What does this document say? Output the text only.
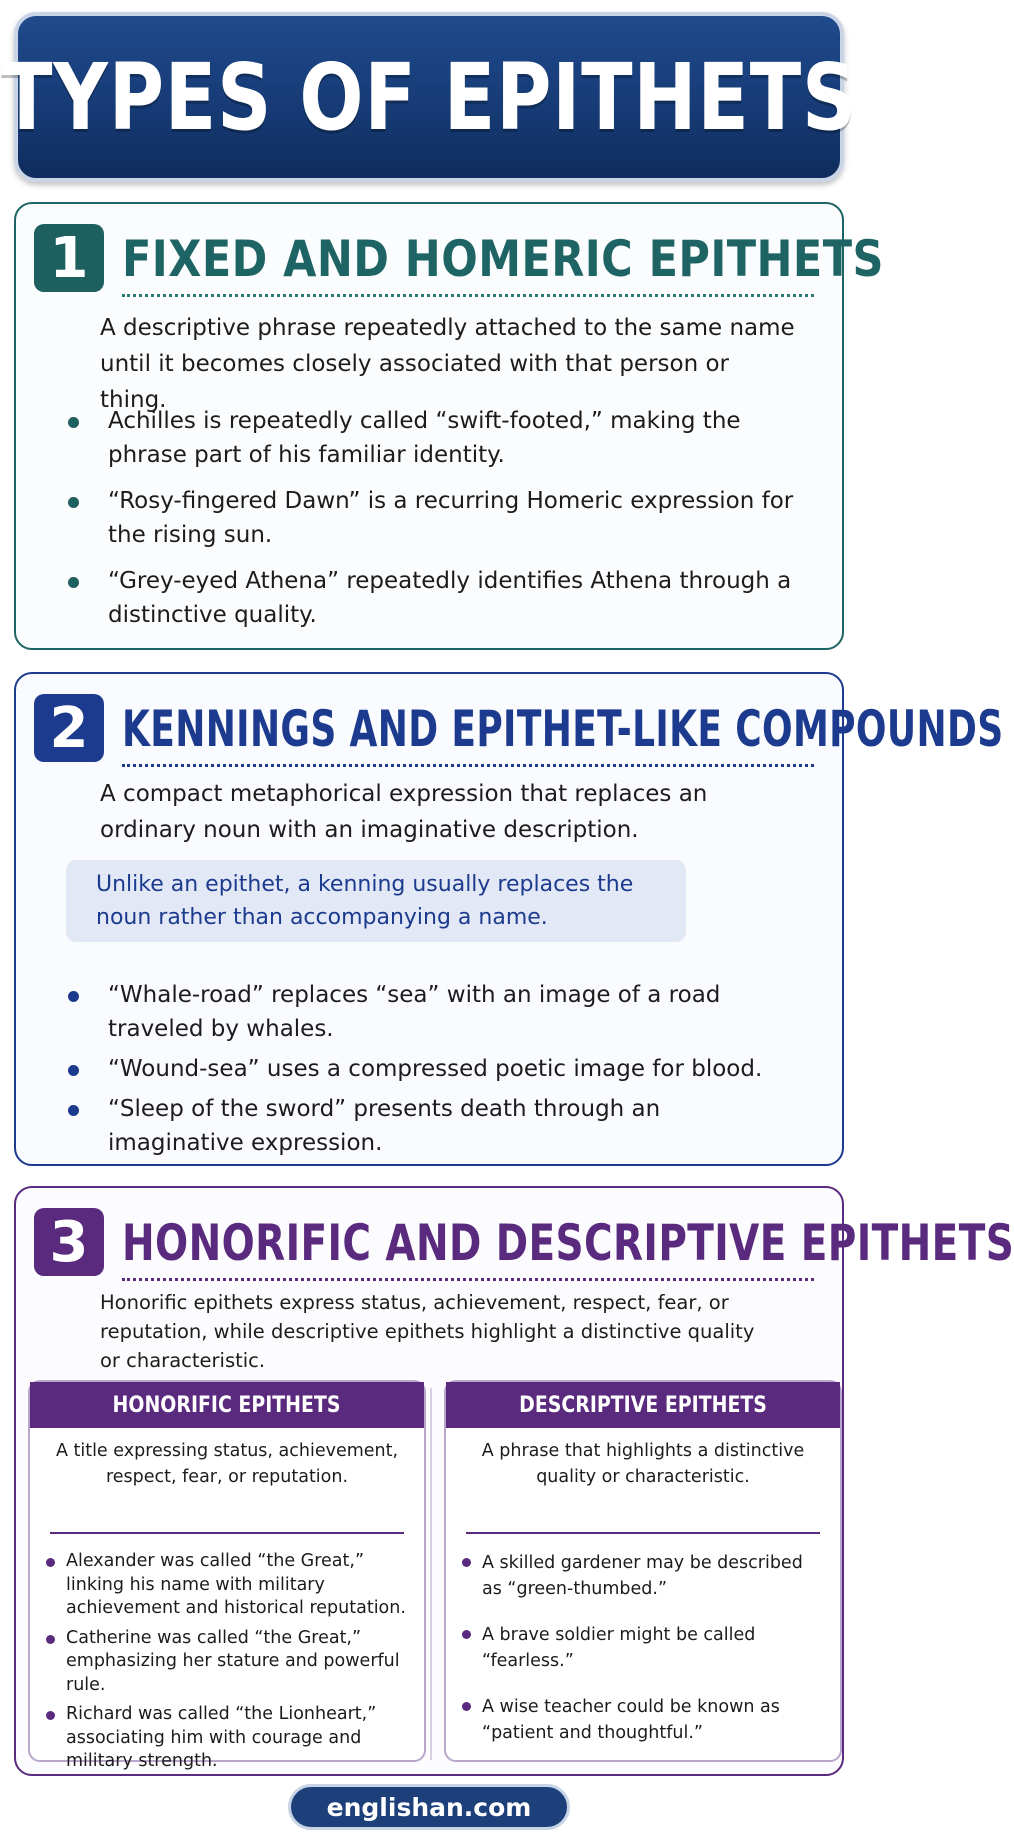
TYPES OF EPITHETS
1 FIXED AND HOMERIC EPITHETS

A descriptive phrase repeatedly attached to the same name until it becomes closely associated with that person or thing.

Achilles is repeatedly called “swift-footed,” making the phrase part of his familiar identity.
“Rosy-fingered Dawn” is a recurring Homeric expression for the rising sun.
“Grey-eyed Athena” repeatedly identifies Athena through a distinctive quality.
2 KENNINGS AND EPITHET-LIKE COMPOUNDS

A compact metaphorical expression that replaces an ordinary noun with an imaginative description.

Unlike an epithet, a kenning usually replaces the noun rather than accompanying a name.
“Whale-road” replaces “sea” with an image of a road traveled by whales.
“Wound-sea” uses a compressed poetic image for blood.
“Sleep of the sword” presents death through an imaginative expression.
3 HONORIFIC AND DESCRIPTIVE EPITHETS

Honorific epithets express status, achievement, respect, fear, or reputation, while descriptive epithets highlight a distinctive quality or characteristic.

HONORIFIC EPITHETS
A title expressing status, achievement, respect, fear, or reputation.
Alexander was called “the Great,” linking his name with military achievement and historical reputation.
Catherine was called “the Great,” emphasizing her stature and powerful rule.
Richard was called “the Lionheart,” associating him with courage and military strength.
DESCRIPTIVE EPITHETS
A phrase that highlights a distinctive quality or characteristic.
A skilled gardener may be described as “green-thumbed.”
A brave soldier might be called “fearless.”
A wise teacher could be known as “patient and thoughtful.”
englishan.com
